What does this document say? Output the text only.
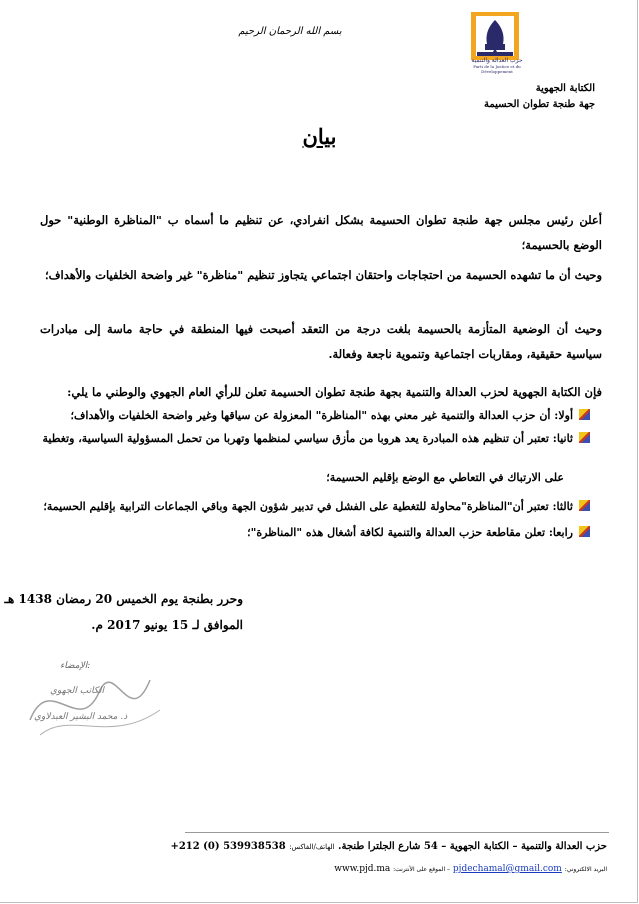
بسم الله الرحمان الرحيم
حزب العدالة والتنمية
Parti de la Justice et du Développement
الكتابة الجهوية
جهة طنجة تطوان الحسيمة
بيان
أعلن رئيس مجلس جهة طنجة تطوان الحسيمة بشكل انفرادي، عن تنظيم ما أسماه ب "المناظرة الوطنية" حول الوضع بالحسيمة؛
وحيث أن ما تشهده الحسيمة من احتجاجات واحتقان اجتماعي يتجاوز تنظيم "مناظرة" غير واضحة الخلفيات والأهداف؛
وحيث أن الوضعية المتأزمة بالحسيمة بلغت درجة من التعقد أصبحت فيها المنطقة في حاجة ماسة إلى مبادرات سياسية حقيقية، ومقاربات اجتماعية وتنموية ناجعة وفعالة.
فإن الكتابة الجهوية لحزب العدالة والتنمية بجهة طنجة تطوان الحسيمة تعلن للرأي العام الجهوي والوطني ما يلي:
أولا: أن حزب العدالة والتنمية غير معني بهذه "المناظرة" المعزولة عن سياقها وغير واضحة الخلفيات والأهداف؛
ثانيا: تعتبر أن تنظيم هذه المبادرة يعد هروبا من مأزق سياسي لمنظمها وتهربا من تحمل المسؤولية السياسية، وتغطية
على الارتباك في التعاطي مع الوضع بإقليم الحسيمة؛
ثالثا: تعتبر أن"المناظرة"محاولة للتغطية على الفشل في تدبير شؤون الجهة وباقي الجماعات الترابية بإقليم الحسيمة؛
رابعا: تعلن مقاطعة حزب العدالة والتنمية لكافة أشغال هذه "المناظرة"؛
وحرر بطنجة يوم الخميس 20 رمضان 1438 هـ
الموافق لـ 15 يونيو 2017 م.
الإمضاء:
الكاتب الجهوي
ذ. محمد البشير العبدلاوي
حزب العدالة والتنمية – الكتابة الجهوية – 54 شارع الجلترا طنجة. الهاتف/الفاكس: +212 (0) 539938538
البريد الالكتروني: pjdechamal@gmail.com – الموقع على الأنترنت: www.pjd.ma
